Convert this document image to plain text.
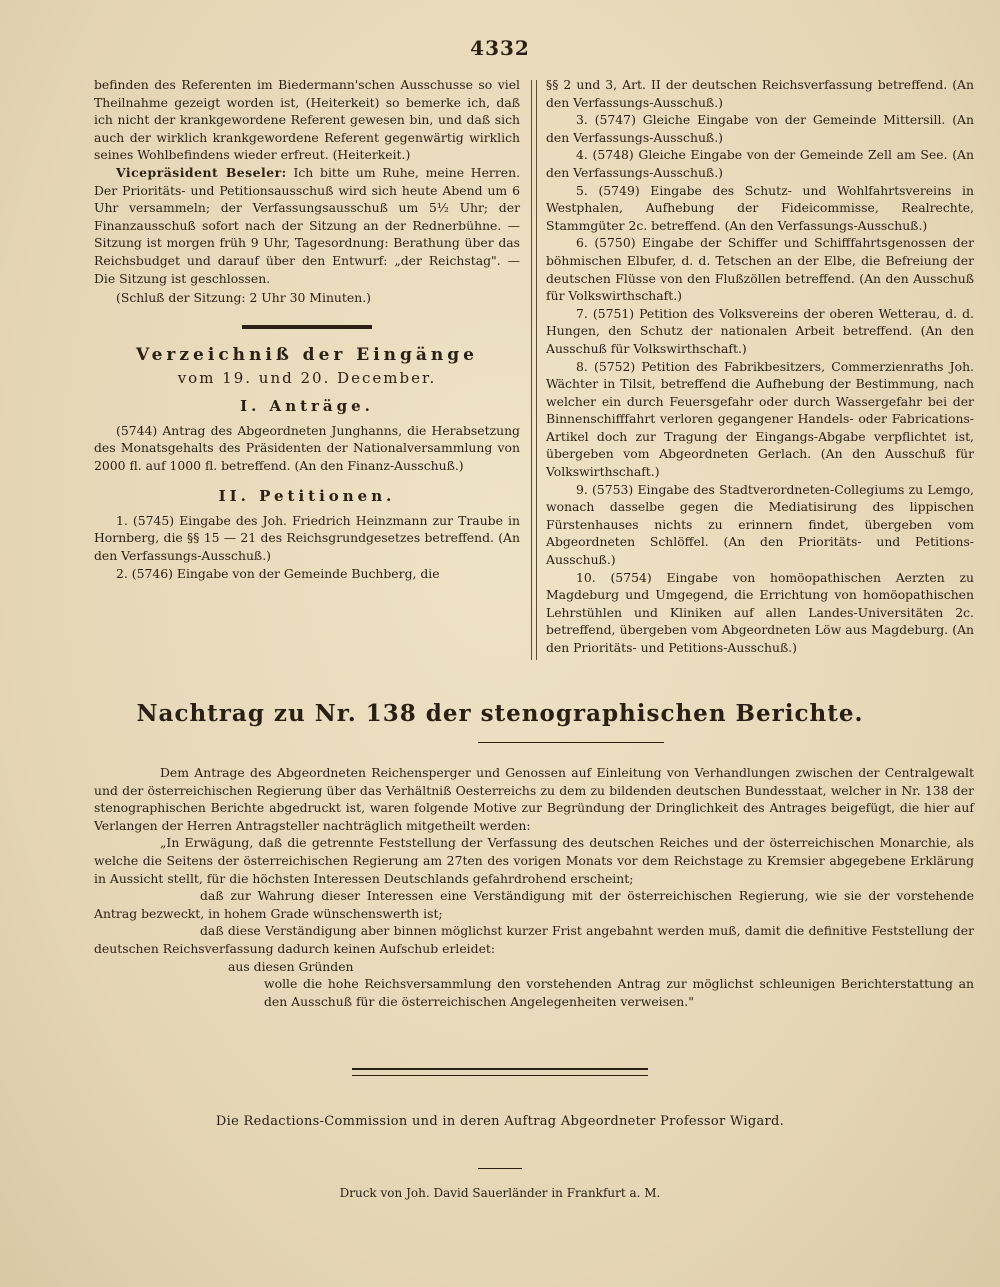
4332

befinden des Referenten im Biedermann'schen Ausschusse so viel Theilnahme gezeigt worden ist, (Heiterkeit) so bemerke ich, daß ich nicht der krankgewordene Referent gewesen bin, und daß sich auch der wirklich krankgewordene Referent gegenwärtig wirklich seines Wohlbefindens wieder erfreut. (Heiterkeit.)

Vicepräsident Beseler: Ich bitte um Ruhe, meine Herren. Der Prioritäts- und Petitionsausschuß wird sich heute Abend um 6 Uhr versammeln; der Verfassungsausschuß um 5½ Uhr; der Finanzausschuß sofort nach der Sitzung an der Rednerbühne. — Sitzung ist morgen früh 9 Uhr, Tagesordnung: Berathung über das Reichsbudget und darauf über den Entwurf: „der Reichstag". — Die Sitzung ist geschlossen.

(Schluß der Sitzung: 2 Uhr 30 Minuten.)

Verzeichniß der Eingänge
vom 19. und 20. December.
I. Anträge.

(5744) Antrag des Abgeordneten Junghanns, die Herabsetzung des Monatsgehalts des Präsidenten der Nationalversammlung von 2000 fl. auf 1000 fl. betreffend. (An den Finanz-Ausschuß.)

II. Petitionen.

1. (5745) Eingabe des Joh. Friedrich Heinzmann zur Traube in Hornberg, die §§ 15 — 21 des Reichsgrundgesetzes betreffend. (An den Verfassungs-Ausschuß.)

2. (5746) Eingabe von der Gemeinde Buchberg, die

§§ 2 und 3, Art. II der deutschen Reichsverfassung betreffend. (An den Verfassungs-Ausschuß.)

3. (5747) Gleiche Eingabe von der Gemeinde Mittersill. (An den Verfassungs-Ausschuß.)

4. (5748) Gleiche Eingabe von der Gemeinde Zell am See. (An den Verfassungs-Ausschuß.)

5. (5749) Eingabe des Schutz- und Wohlfahrtsvereins in Westphalen, Aufhebung der Fideicommisse, Realrechte, Stammgüter 2c. betreffend. (An den Verfassungs-Ausschuß.)

6. (5750) Eingabe der Schiffer und Schifffahrtsgenossen der böhmischen Elbufer, d. d. Tetschen an der Elbe, die Befreiung der deutschen Flüsse von den Flußzöllen betreffend. (An den Ausschuß für Volkswirthschaft.)

7. (5751) Petition des Volksvereins der oberen Wetterau, d. d. Hungen, den Schutz der nationalen Arbeit betreffend. (An den Ausschuß für Volkswirthschaft.)

8. (5752) Petition des Fabrikbesitzers, Commerzienraths Joh. Wächter in Tilsit, betreffend die Aufhebung der Bestimmung, nach welcher ein durch Feuersgefahr oder durch Wassergefahr bei der Binnenschifffahrt verloren gegangener Handels- oder Fabrications-Artikel doch zur Tragung der Eingangs-Abgabe verpflichtet ist, übergeben vom Abgeordneten Gerlach. (An den Ausschuß für Volkswirthschaft.)

9. (5753) Eingabe des Stadtverordneten-Collegiums zu Lemgo, wonach dasselbe gegen die Mediatisirung des lippischen Fürstenhauses nichts zu erinnern findet, übergeben vom Abgeordneten Schlöffel. (An den Prioritäts- und Petitions-Ausschuß.)

10. (5754) Eingabe von homöopathischen Aerzten zu Magdeburg und Umgegend, die Errichtung von homöopathischen Lehrstühlen und Kliniken auf allen Landes-Universitäten 2c. betreffend, übergeben vom Abgeordneten Löw aus Magdeburg. (An den Prioritäts- und Petitions-Ausschuß.)

Nachtrag zu Nr. 138 der stenographischen Berichte.

Dem Antrage des Abgeordneten Reichensperger und Genossen auf Einleitung von Verhandlungen zwischen der Centralgewalt und der österreichischen Regierung über das Verhältniß Oesterreichs zu dem zu bildenden deutschen Bundesstaat, welcher in Nr. 138 der stenographischen Berichte abgedruckt ist, waren folgende Motive zur Begründung der Dringlichkeit des Antrages beigefügt, die hier auf Verlangen der Herren Antragsteller nachträglich mitgetheilt werden:

„In Erwägung, daß die getrennte Feststellung der Verfassung des deutschen Reiches und der österreichischen Monarchie, als welche die Seitens der österreichischen Regierung am 27ten des vorigen Monats vor dem Reichstage zu Kremsier abgegebene Erklärung in Aussicht stellt, für die höchsten Interessen Deutschlands gefahrdrohend erscheint;

daß zur Wahrung dieser Interessen eine Verständigung mit der österreichischen Regierung, wie sie der vorstehende Antrag bezweckt, in hohem Grade wünschenswerth ist;

daß diese Verständigung aber binnen möglichst kurzer Frist angebahnt werden muß, damit die definitive Feststellung der deutschen Reichsverfassung dadurch keinen Aufschub erleidet:

aus diesen Gründen

wolle die hohe Reichsversammlung den vorstehenden Antrag zur möglichst schleunigen Berichterstattung an den Ausschuß für die österreichischen Angelegenheiten verweisen."

Die Redactions-Commission und in deren Auftrag Abgeordneter Professor Wigard.
Druck von Joh. David Sauerländer in Frankfurt a. M.
